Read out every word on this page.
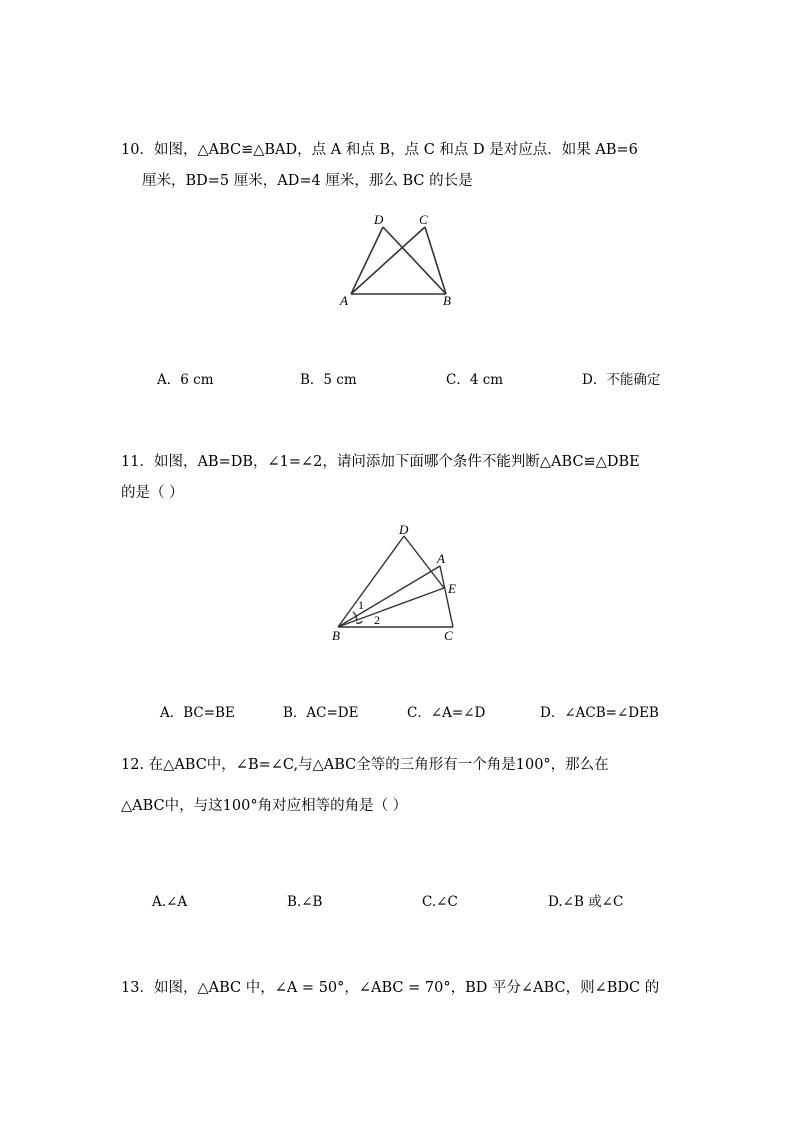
10．如图，△ABC≌△BAD，点 A 和点 B，点 C 和点 D 是对应点．如果 AB=6
厘米，BD=5 厘米，AD=4 厘米，那么 BC 的长是
D	C
A	B
A．6 cm	B．5 cm	C．4 cm	D．不能确定
11．如图，AB=DB，∠1=∠2，请问添加下面哪个条件不能判断△ABC≌△DBE
的是（ ）
D
A
E
B	C
1
2
A．BC=BE	B．AC=DE	C．∠A=∠D	D．∠ACB=∠DEB
12. 在△ABC中，∠B=∠C,与△ABC全等的三角形有一个角是100°，那么在
△ABC中，与这100°角对应相等的角是（ ）
A.∠A	B.∠B	C.∠C	D.∠B 或∠C
13．如图，△ABC 中，∠A = 50°，∠ABC = 70°，BD 平分∠ABC，则∠BDC 的
